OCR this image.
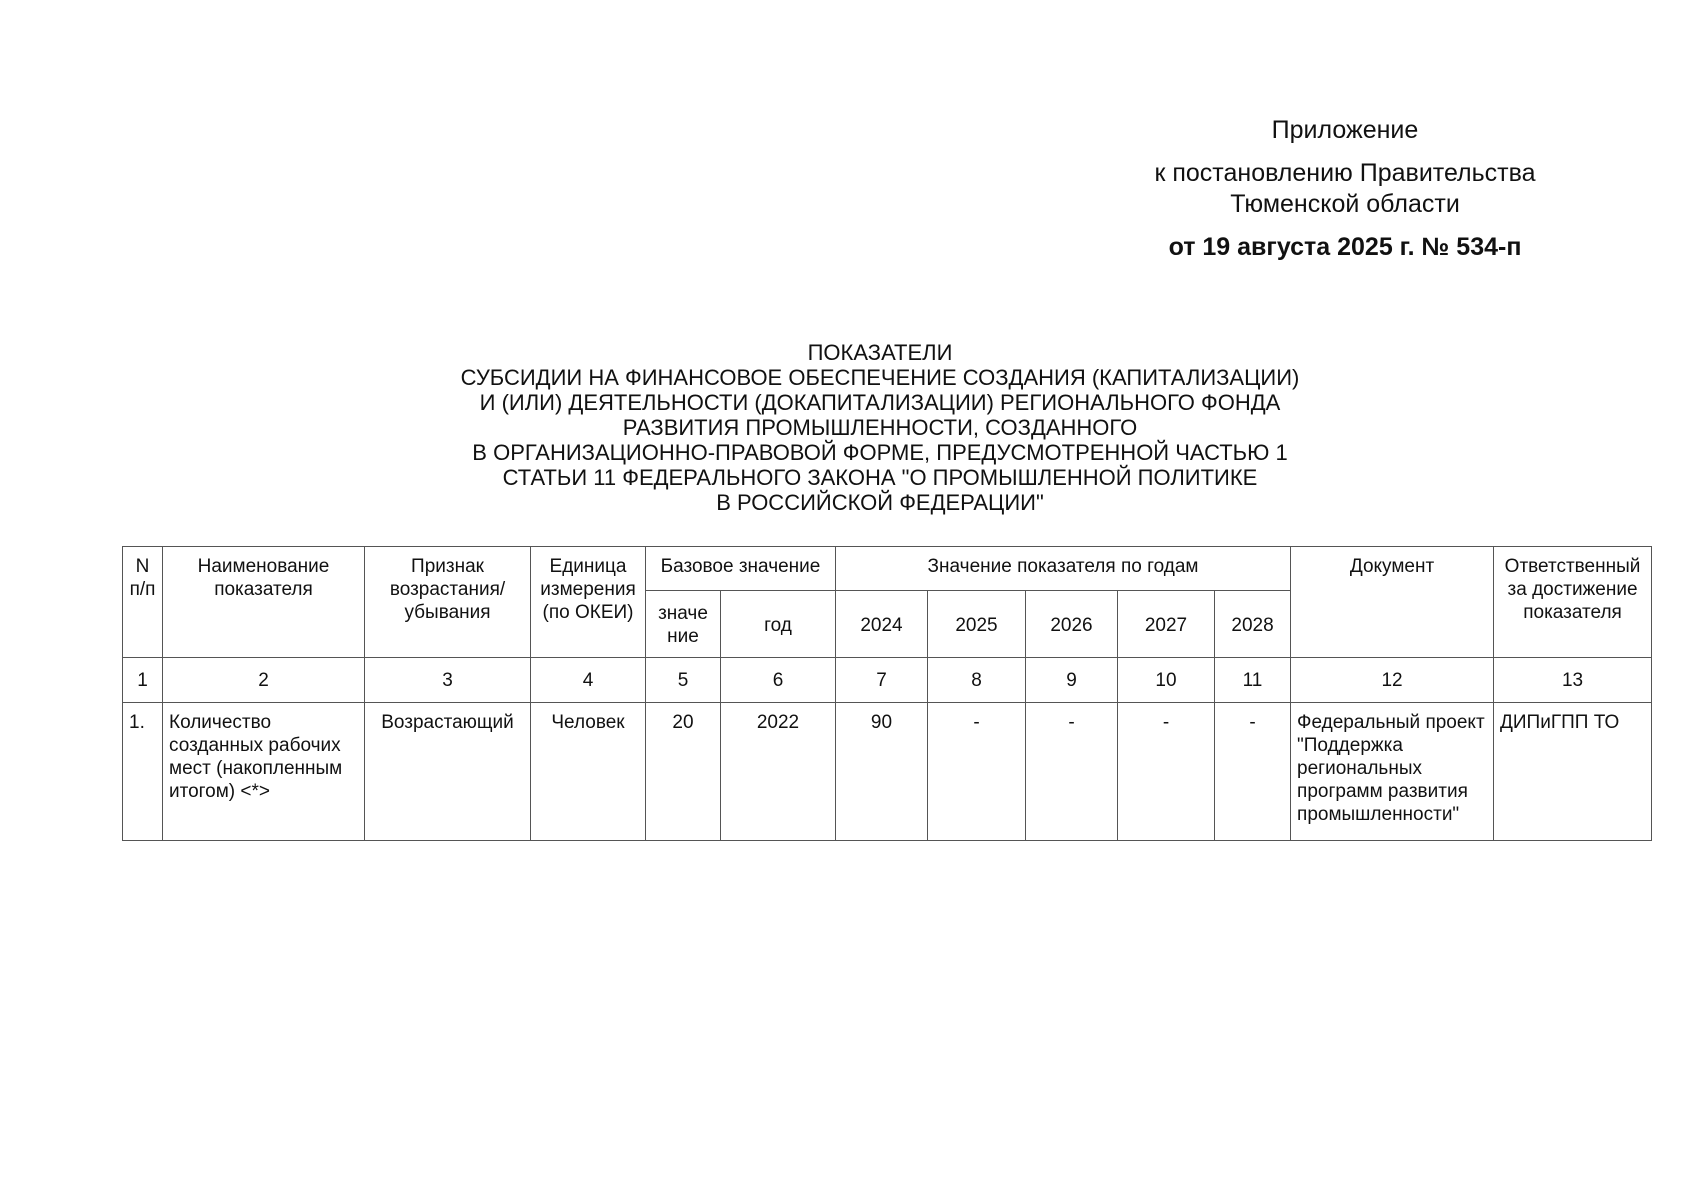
Приложение
к постановлению Правительства
Тюменской области
от 19 августа 2025 г. № 534-п
ПОКАЗАТЕЛИ
СУБСИДИИ НА ФИНАНСОВОЕ ОБЕСПЕЧЕНИЕ СОЗДАНИЯ (КАПИТАЛИЗАЦИИ)
И (ИЛИ) ДЕЯТЕЛЬНОСТИ (ДОКАПИТАЛИЗАЦИИ) РЕГИОНАЛЬНОГО ФОНДА
РАЗВИТИЯ ПРОМЫШЛЕННОСТИ, СОЗДАННОГО
В ОРГАНИЗАЦИОННО-ПРАВОВОЙ ФОРМЕ, ПРЕДУСМОТРЕННОЙ ЧАСТЬЮ 1
СТАТЬИ 11 ФЕДЕРАЛЬНОГО ЗАКОНА "О ПРОМЫШЛЕННОЙ ПОЛИТИКЕ
В РОССИЙСКОЙ ФЕДЕРАЦИИ"
N п/п	Наименование показателя	Признак возрастания/ убывания	Единица измерения (по ОКЕИ)	Базовое значение		Значение показателя по годам					Документ	Ответственный за достижение показателя
				значе ние	год	2024	2025	2026	2027	2028		
1	2	3	4	5	6	7	8	9	10	11	12	13
1.	Количество созданных рабочих мест (накопленным итогом) <*>	Возрастающий	Человек	20	2022	90	-	-	-	-	Федеральный проект "Поддержка региональных программ развития промышленности"	ДИПиГПП ТО
